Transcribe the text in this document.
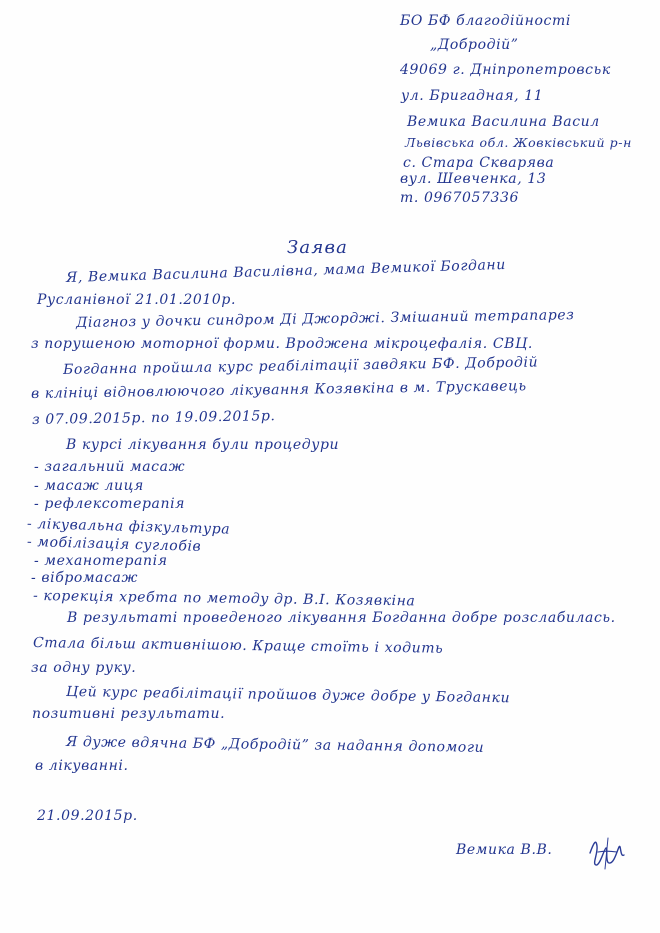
БО БФ благодійності
„Добродій”
49069 г. Дніпропетровськ
ул. Бригадная, 11
Вемика Василина Васил
Львівська обл. Жовківський р-н
с. Стара Скварява
вул. Шевченка, 13
т. 0967057336
Заява
Я, Вемика Василина Василівна, мама Вемикої Богдани
Русланівної 21.01.2010р.
Діагноз у дочки синдром Ді Джорджі. Змішаний тетрапарез
з порушеною моторної форми. Вроджена мікроцефалія. СВЦ.
Богданна пройшла курс реабілітації завдяки БФ. Добродій
в клініці відновлюючого лікування Козявкіна в м. Трускавець
з 07.09.2015р. по 19.09.2015р.
В курсі лікування були процедури
- загальний масаж
- масаж лиця
- рефлексотерапія
- лікувальна фізкультура
- мобілізація суглобів
- механотерапія
- вібромасаж
- корекція хребта по методу др. В.І. Козявкіна
В результаті проведеного лікування Богданна добре розслабилась.
Стала більш активнішою. Краще стоїть і ходить
за одну руку.
Цей курс реабілітації пройшов дуже добре у Богданки
позитивні результати.
Я дуже вдячна БФ „Добродій” за надання допомоги
в лікуванні.
21.09.2015р.
Вемика В.В.
